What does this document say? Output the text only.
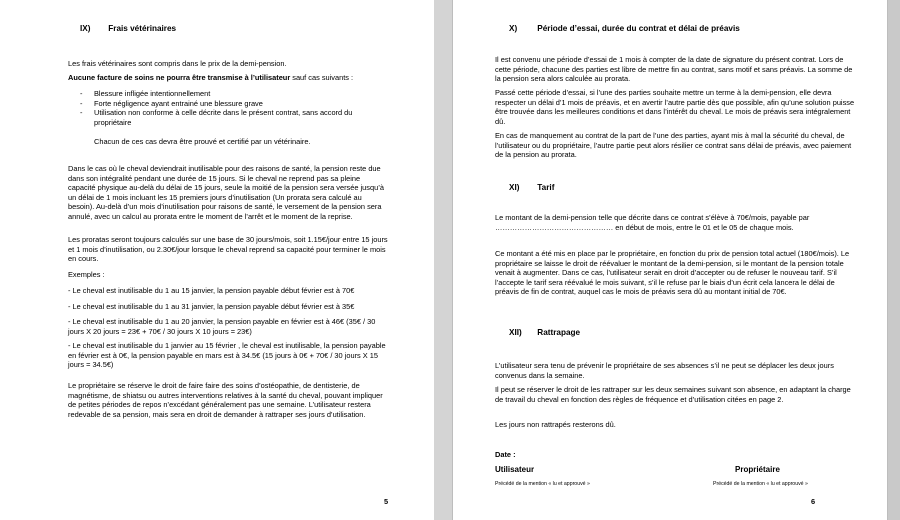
IX) Frais vétérinaires

Les frais vétérinaires sont compris dans le prix de la demi-pension.

Aucune facture de soins ne pourra être transmise à l’utilisateur sauf cas suivants :

- Blessure infligée intentionnellement
- Forte négligence ayant entrainé une blessure grave
- Utilisation non conforme à celle décrite dans le présent contrat, sans accord du propriétaire

Chacun de ces cas devra être prouvé et certifié par un vétérinaire.

Dans le cas où le cheval deviendrait inutilisable pour des raisons de santé, la pension reste due dans son intégralité pendant une durée de 15 jours. Si le cheval ne reprend pas sa pleine capacité physique au-delà du délai de 15 jours, seule la moitié de la pension sera versée jusqu’à un délai de 1 mois incluant les 15 premiers jours d’inutilisation (Un prorata sera calculé au besoin). Au-delà d’un mois d’inutilisation pour raisons de santé, le versement de la pension sera annulé, avec un calcul au prorata entre le moment de l’arrêt et le moment de la reprise.

Les proratas seront toujours calculés sur une base de 30 jours/mois, soit 1.15€/jour entre 15 jours et 1 mois d’inutilisation, ou 2.30€/jour lorsque le cheval reprend sa capacité pour terminer le mois en cours.

Exemples :

- Le cheval est inutilisable du 1 au 15 janvier, la pension payable début février est à 70€

- Le cheval est inutilisable du 1 au 31 janvier, la pension payable début février est à 35€

- Le cheval est inutilisable du 1 au 20 janvier, la pension payable en février est à 46€ (35€ / 30 jours X 20 jours = 23€ + 70€ / 30 jours X 10 jours = 23€)

- Le cheval est inutilisable du 1 janvier au 15 février , le cheval est inutilisable, la pension payable en février est à 0€, la pension payable en mars est à 34.5€ (15 jours à 0€ + 70€ / 30 jours X 15 jours = 34.5€)

Le propriétaire se réserve le droit de faire faire des soins d’ostéopathie, de dentisterie, de magnétisme, de shiatsu ou autres interventions relatives à la santé du cheval, pouvant impliquer de petites périodes de repos n’excédant généralement pas une semaine. L’utilisateur restera redevable de sa pension, mais sera en droit de demander à rattraper ses jours d’utilisation.

5
X) Période d’essai, durée du contrat et délai de préavis

Il est convenu une période d’essai de 1 mois à compter de la date de signature du présent contrat. Lors de cette période, chacune des parties est libre de mettre fin au contrat, sans motif et sans préavis. La somme de la pension sera alors calculée au prorata.

Passé cette période d’essai, si l’une des parties souhaite mettre un terme à la demi-pension, elle devra respecter un délai d’1 mois de préavis, et en avertir l’autre partie dès que possible, afin qu’une solution puisse être trouvée dans les meilleures conditions et dans l’intérêt du cheval. Le mois de préavis sera intégralement dû.

En cas de manquement au contrat de la part de l’une des parties, ayant mis à mal la sécurité du cheval, de l’utilisateur ou du propriétaire, l’autre partie peut alors résilier ce contrat sans délai de préavis, avec paiement de la pension au prorata.

XI) Tarif

Le montant de la demi-pension telle que décrite dans ce contrat s’élève à 70€/mois, payable par ………………………………………… en début de mois, entre le 01 et le 05 de chaque mois.

Ce montant a été mis en place par le propriétaire, en fonction du prix de pension total actuel (180€/mois). Le propriétaire se laisse le droit de réévaluer le montant de la demi-pension, si le montant de la pension totale venait à augmenter. Dans ce cas, l’utilisateur serait en droit d’accepter ou de refuser le nouveau tarif. S’il l’accepte le tarif sera réévalué le mois suivant, s’il le refuse par le biais d’un écrit cela lancera le délai de préavis de fin de contrat, auquel cas le mois de préavis sera dû au montant initial de 70€.

XII) Rattrapage

L’utilisateur sera tenu de prévenir le propriétaire de ses absences s’il ne peut se déplacer les deux jours convenus dans la semaine.

Il peut se réserver le droit de les rattraper sur les deux semaines suivant son absence, en adaptant la charge de travail du cheval en fonction des règles de fréquence et d’utilisation citées en page 2.

Les jours non rattrapés resterons dû.

Date :
Utilisateur	Propriétaire
Précédé de la mention « lu et approuvé »	Précédé de la mention « lu et approuvé »
6
